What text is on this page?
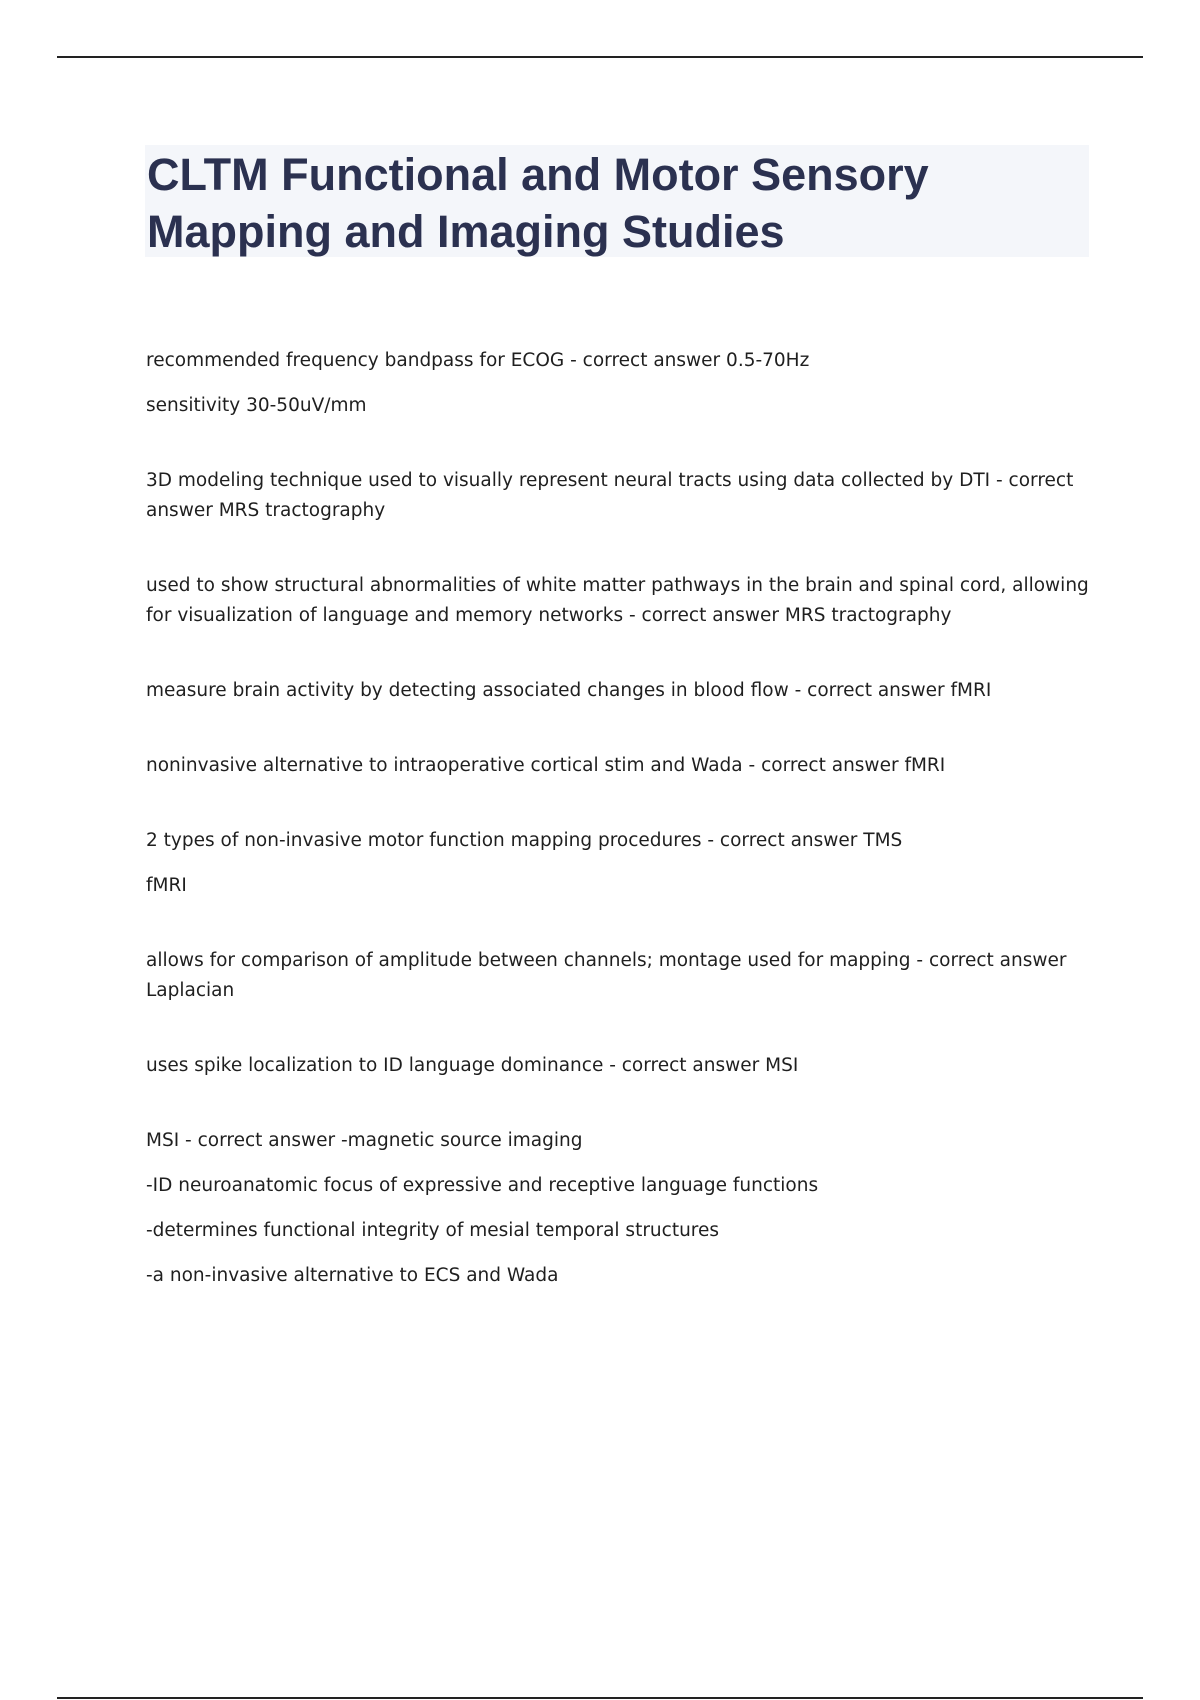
CLTM Functional and Motor Sensory Mapping and Imaging Studies

recommended frequency bandpass for ECOG - correct answer 0.5-70Hz

sensitivity 30-50uV/mm

3D modeling technique used to visually represent neural tracts using data collected by DTI - correct answer MRS tractography

used to show structural abnormalities of white matter pathways in the brain and spinal cord, allowing for visualization of language and memory networks - correct answer MRS tractography

measure brain activity by detecting associated changes in blood flow - correct answer fMRI

noninvasive alternative to intraoperative cortical stim and Wada - correct answer fMRI

2 types of non-invasive motor function mapping procedures - correct answer TMS

fMRI

allows for comparison of amplitude between channels; montage used for mapping - correct answer Laplacian

uses spike localization to ID language dominance - correct answer MSI

MSI - correct answer -magnetic source imaging

-ID neuroanatomic focus of expressive and receptive language functions

-determines functional integrity of mesial temporal structures

-a non-invasive alternative to ECS and Wada
